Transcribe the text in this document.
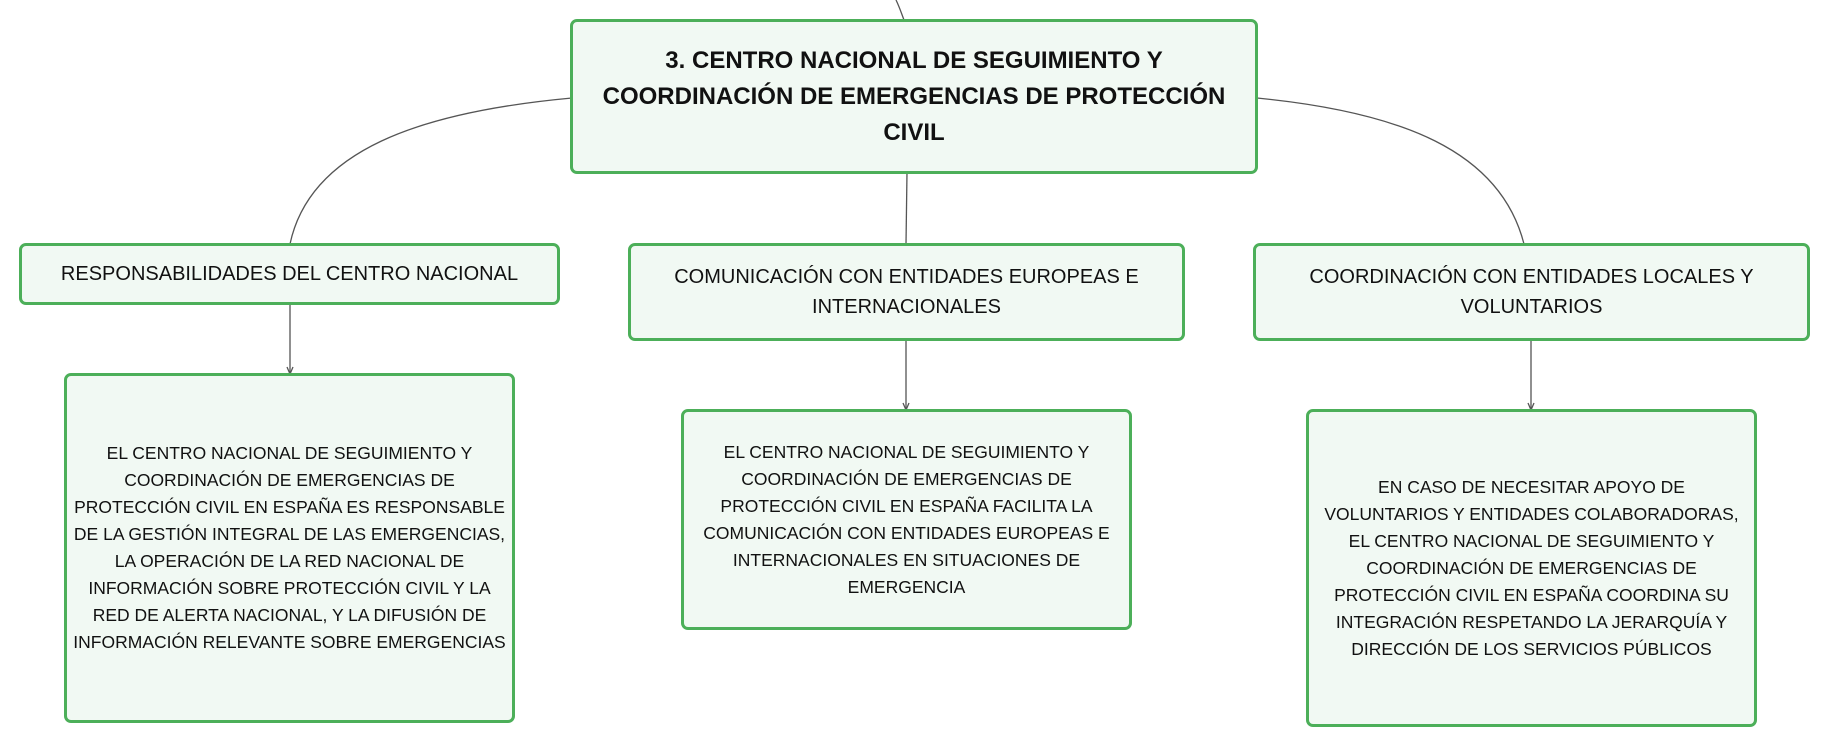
3. CENTRO NACIONAL DE SEGUIMIENTO Y COORDINACIÓN DE EMERGENCIAS DE PROTECCIÓN CIVIL
RESPONSABILIDADES DEL CENTRO NACIONAL	COMUNICACIÓN CON ENTIDADES EUROPEAS E INTERNACIONALES
COORDINACIÓN CON ENTIDADES LOCALES Y VOLUNTARIOS
EL CENTRO NACIONAL DE SEGUIMIENTO Y COORDINACIÓN DE EMERGENCIAS DE PROTECCIÓN CIVIL EN ESPAÑA ES RESPONSABLE DE LA GESTIÓN INTEGRAL DE LAS EMERGENCIAS, LA OPERACIÓN DE LA RED NACIONAL DE INFORMACIÓN SOBRE PROTECCIÓN CIVIL Y LA RED DE ALERTA NACIONAL, Y LA DIFUSIÓN DE INFORMACIÓN RELEVANTE SOBRE EMERGENCIAS
EL CENTRO NACIONAL DE SEGUIMIENTO Y COORDINACIÓN DE EMERGENCIAS DE PROTECCIÓN CIVIL EN ESPAÑA FACILITA LA COMUNICACIÓN CON ENTIDADES EUROPEAS E INTERNACIONALES EN SITUACIONES DE EMERGENCIA
EN CASO DE NECESITAR APOYO DE VOLUNTARIOS Y ENTIDADES COLABORADORAS, EL CENTRO NACIONAL DE SEGUIMIENTO Y COORDINACIÓN DE EMERGENCIAS DE PROTECCIÓN CIVIL EN ESPAÑA COORDINA SU INTEGRACIÓN RESPETANDO LA JERARQUÍA Y DIRECCIÓN DE LOS SERVICIOS PÚBLICOS
